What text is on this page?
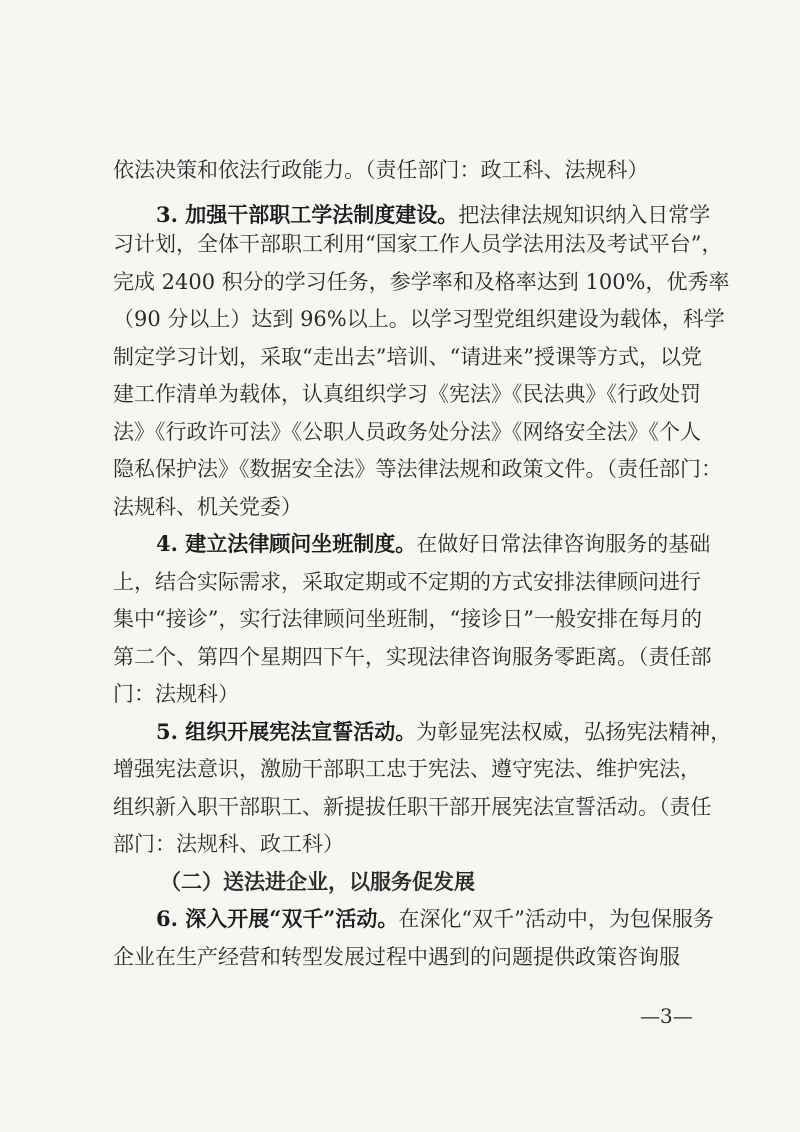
依法决策和依法行政能力。（责任部门：政工科、法规科）
3. 加强干部职工学法制度建设。把法律法规知识纳入日常学
习计划，全体干部职工利用“国家工作人员学法用法及考试平台”，
完成 2400 积分的学习任务，参学率和及格率达到 100%，优秀率
（90 分以上）达到 96%以上。以学习型党组织建设为载体，科学
制定学习计划，采取“走出去”培训、“请进来”授课等方式，以党
建工作清单为载体，认真组织学习《宪法》《民法典》《行政处罚
法》《行政许可法》《公职人员政务处分法》《网络安全法》《个人
隐私保护法》《数据安全法》等法律法规和政策文件。（责任部门：
法规科、机关党委）
4. 建立法律顾问坐班制度。在做好日常法律咨询服务的基础
上，结合实际需求，采取定期或不定期的方式安排法律顾问进行
集中“接诊”，实行法律顾问坐班制，“接诊日”一般安排在每月的
第二个、第四个星期四下午，实现法律咨询服务零距离。（责任部
门：法规科）
5. 组织开展宪法宣誓活动。为彰显宪法权威，弘扬宪法精神，
增强宪法意识，激励干部职工忠于宪法、遵守宪法、维护宪法，
组织新入职干部职工、新提拔任职干部开展宪法宣誓活动。（责任
部门：法规科、政工科）
（二）送法进企业，以服务促发展
6. 深入开展“双千”活动。在深化“双千”活动中，为包保服务
企业在生产经营和转型发展过程中遇到的问题提供政策咨询服
—3—
